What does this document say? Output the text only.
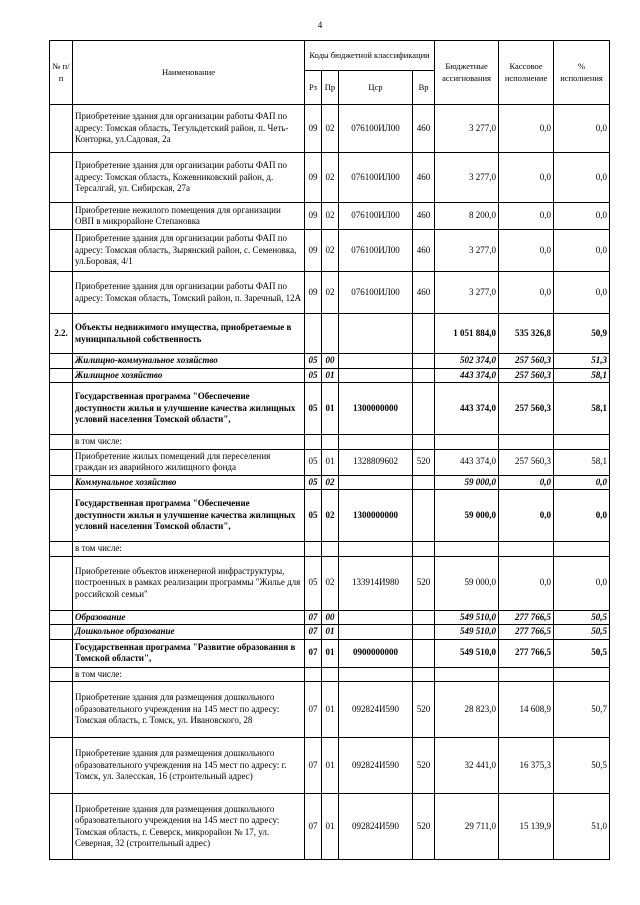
4
№ п/п	Наименование	Коды бюджетной классификации				Бюджетные ассигнования	Кассовое исполнение	% исполнения
		Рз	Пр	Цср	Вр			
	Приобретение здания для организации работы ФАП по адресу: Томская область, Тегульдетский район, п. Четь-Конторка, ул.Садовая, 2а	09	02	076100ИЛ00	460	3 277,0	0,0	0,0
	Приобретение здания для организации работы ФАП по адресу: Томская область, Кожевниковский район, д. Терсалгай, ул. Сибирская, 27а	09	02	076100ИЛ00	460	3 277,0	0,0	0,0
	Приобретение нежилого помещения для организации ОВП в микрорайоне Степановка	09	02	076100ИЛ00	460	8 200,0	0,0	0,0
	Приобретение здания для организации работы ФАП по адресу: Томская область, Зырянский район, с. Семеновка, ул.Боровая, 4/1	09	02	076100ИЛ00	460	3 277,0	0,0	0,0
	Приобретение здания для организации работы ФАП по адресу: Томская область, Томский район, п. Заречный, 12А	09	02	076100ИЛ00	460	3 277,0	0,0	0,0
2.2.	Объекты недвижимого имущества, приобретаемые в муниципальной собственность					1 051 884,0	535 326,8	50,9
	Жилищно-коммунальное хозяйство	05	00			502 374,0	257 560,3	51,3
	Жилищное хозяйство	05	01			443 374,0	257 560,3	58,1
	Государственная программа "Обеспечение доступности жилья и улучшение качества жилищных условий населения Томской области",	05	01	1300000000		443 374,0	257 560,3	58,1
	в том числе:							
	Приобретение жилых помещений для переселения граждан из аварийного жилищного фонда	05	01	1328809602	520	443 374,0	257 560,3	58,1
	Коммунальное хозяйство	05	02			59 000,0	0,0	0,0
	Государственная программа "Обеспечение доступности жилья и улучшение качества жилищных условий населения Томской области",	05	02	1300000000		59 000,0	0,0	0,0
	в том числе:							
	Приобретение объектов инженерной инфраструктуры, построенных в рамках реализации программы "Жилье для российской семьи"	05	02	133914И980	520	59 000,0	0,0	0,0
	Образование	07	00			549 510,0	277 766,5	50,5
	Дошкольное образование	07	01			549 510,0	277 766,5	50,5
	Государственная программа "Развитие образования в Томской области",	07	01	0900000000		549 510,0	277 766,5	50,5
	в том числе:							
	Приобретение здания для размещения дошкольного образовательного учреждения на 145 мест по адресу: Томская область, г. Томск, ул. Ивановского, 28	07	01	092824И590	520	28 823,0	14 608,9	50,7
	Приобретение здания для размещения дошкольного образовательного учреждения на 145 мест по адресу: г. Томск, ул. Залесская, 16 (строительный адрес)	07	01	092824И590	520	32 441,0	16 375,3	50,5
	Приобретение здания для размещения дошкольного образовательного учреждения на 145 мест по адресу: Томская область, г. Северск, микрорайон № 17, ул. Северная, 32 (строительный адрес)	07	01	092824И590	520	29 711,0	15 139,9	51,0
